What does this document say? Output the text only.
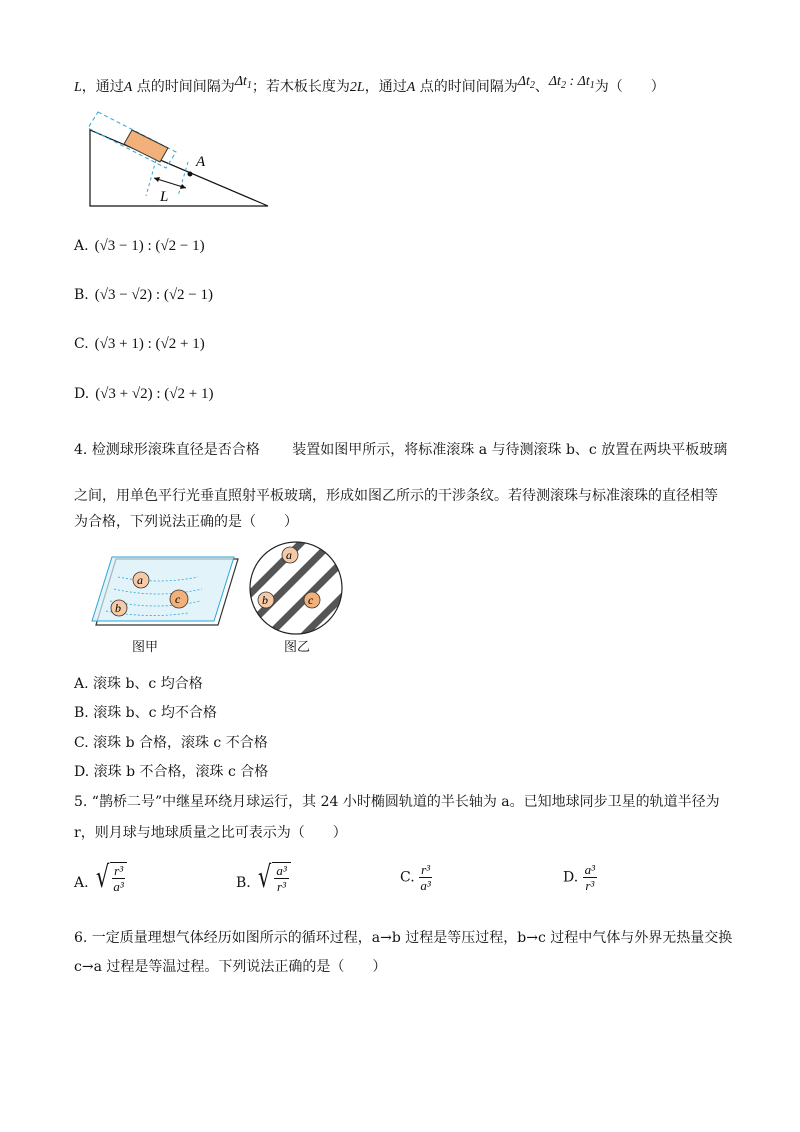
L，通过A 点的时间间隔为$\Delta t_1$；若木板长度为2L，通过A 点的时间间隔为$\Delta t_2$、$\Delta t_2$ : $\Delta t_1$为（　　）
A
L
A. (√3 − 1) : (√2 − 1)
B. (√3 − √2) : (√2 − 1)
C. (√3 + 1) : (√2 + 1)
D. (√3 + √2) : (√2 + 1)
4. 检测球形滚珠直径是否合格　　 装置如图甲所示，将标准滚珠 a 与待测滚珠 b、c 放置在两块平板玻璃
之间，用单色平行光垂直照射平板玻璃，形成如图乙所示的干涉条纹。若待测滚珠与标准滚珠的直径相等
为合格，下列说法正确的是（　　）
a
b
c
图甲
a
b	c
图乙
A. 滚珠 b、c 均合格
B. 滚珠 b、c 均不合格
C. 滚珠 b 合格，滚珠 c 不合格
D. 滚珠 b 不合格，滚珠 c 合格
5. “鹊桥二号”中继星环绕月球运行，其 24 小时椭圆轨道的半长轴为 a。已知地球同步卫星的轨道半径为
r，则月球与地球质量之比可表示为（　　）
A. √ $\frac{\text{r³}}{\text{a³}}$	B. √ $\frac{\text{a³}}{\text{r³}}$	C. $\frac{\text{r³}}{\text{a³}}$	D. $\frac{\text{a³}}{\text{r³}}$
6. 一定质量理想气体经历如图所示的循环过程，a→b 过程是等压过程，b→c 过程中气体与外界无热量交换
c→a 过程是等温过程。下列说法正确的是（　　）
